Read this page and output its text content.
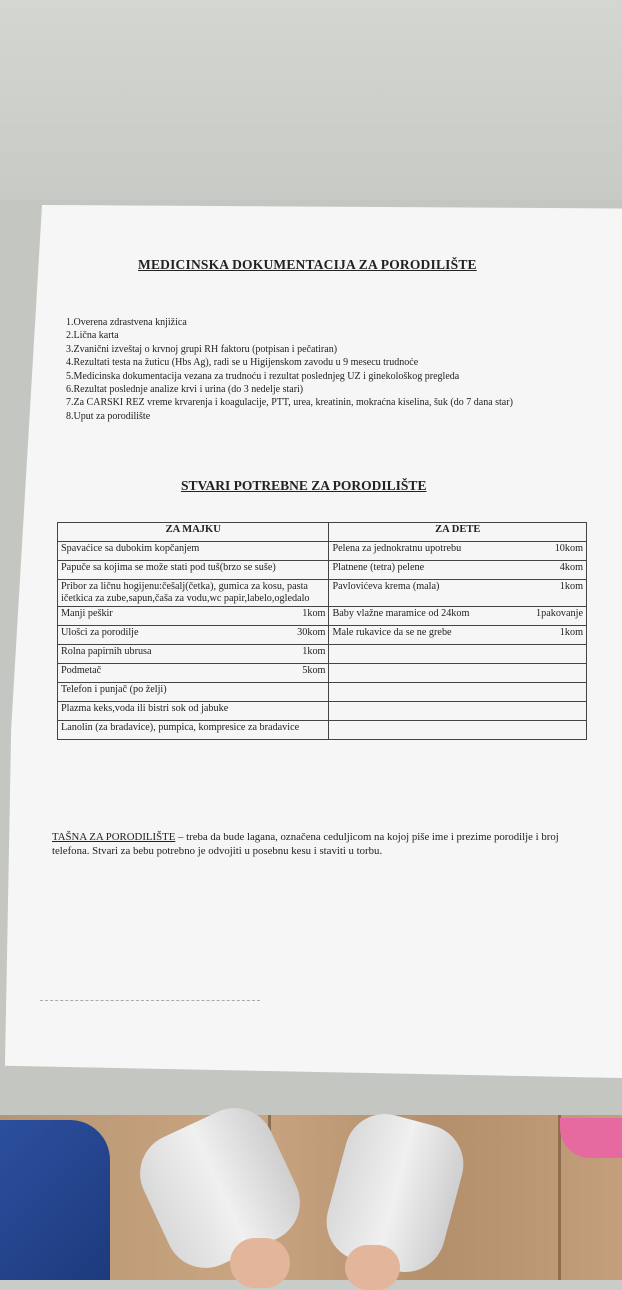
MEDICINSKA DOKUMENTACIJA ZA PORODILIŠTE
1.Overena zdrastvena knjižica
2.Lična karta
3.Zvanični izveštaj o krvnoj grupi RH faktoru (potpisan i pečatiran)
4.Rezultati testa na žuticu (Hbs Ag), radi se u Higijenskom zavodu u 9 mesecu trudnoće
5.Medicinska dokumentacija vezana za trudnoću i rezultat poslednjeg UZ i ginekološkog pregleda
6.Rezultat poslednje analize krvi i urina (do 3 nedelje stari)
7.Za CARSKI REZ vreme krvarenja i koagulacije, PTT, urea, kreatinin, mokraćna kiselina, šuk (do 7 dana star)
8.Uput za porodilište
STVARI POTREBNE ZA PORODILIŠTE
ZA MAJKU	ZA DETE

Spavaćice sa dubokim kopčanjem	Pelena za jednokratnu upotrebu 10kom

Papuče sa kojima se može stati pod tuš(brzo se suše)	Platnene (tetra) pelene 4kom

Pribor za ličnu hogijenu:češalj(četka), gumica za kosu, pasta ičetkica za zube,sapun,čaša za vodu,wc papir,labelo,ogledalo	Pavlovićeva krema (mala) 1kom

Manji peškir 1kom	Baby vlažne maramice od 24kom 1pakovanje

Ulošci za porodilje 30kom	Male rukavice da se ne grebe 1kom

Rolna papirnih ubrusa 1kom	

Podmetač 5kom	

Telefon i punjač (po želji)	

Plazma keks,voda ili bistri sok od jabuke	

Lanolin (za bradavice), pumpica, kompresice za bradavice	

TAŠNA ZA PORODILIŠTE – treba da bude lagana, označena ceduljicom na kojoj piše ime i prezime porodilje i broj telefona. Stvari za bebu potrebno je odvojiti u posebnu kesu i staviti u torbu.
